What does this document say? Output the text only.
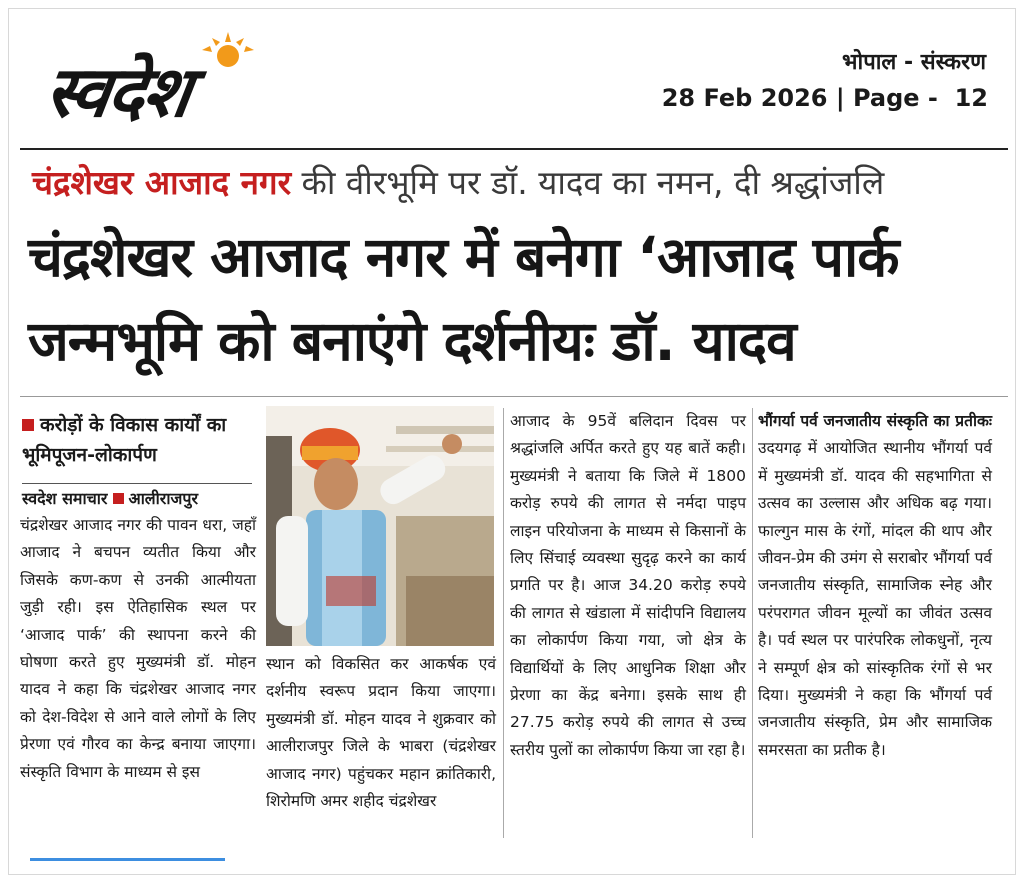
स्वदेश	भोपाल - संस्करण
28 Feb 2026 | Page -  12
चंद्रशेखर आजाद नगर की वीरभूमि पर डॉ. यादव का नमन, दी श्रद्धांजलि
चंद्रशेखर आजाद नगर में बनेगा ‘आजाद पार्क
जन्मभूमि को बनाएंगे दर्शनीयः डॉ. यादव
करोड़ों के विकास कार्यों का भूमिपूजन-लोकार्पण
स्वदेश समाचार आलीराजपुर
चंद्रशेखर आजाद नगर की पावन धरा, जहाँ आजाद ने बचपन व्यतीत किया और जिसके कण-कण से उनकी आत्मीयता जुड़ी रही। इस ऐतिहासिक स्थल पर ‘आजाद पार्क’ की स्थापना करने की घोषणा करते हुए मुख्यमंत्री डॉ. मोहन यादव ने कहा कि चंद्रशेखर आजाद नगर को देश-विदेश से आने वाले लोगों के लिए प्रेरणा एवं गौरव का केन्द्र बनाया जाएगा। संस्कृति विभाग के माध्यम से इस
स्थान को विकसित कर आकर्षक एवं दर्शनीय स्वरूप प्रदान किया जाएगा। मुख्यमंत्री डॉ. मोहन यादव ने शुक्रवार को आलीराजपुर जिले के भाबरा (चंद्रशेखर आजाद नगर) पहुंचकर महान क्रांतिकारी, शिरोमणि अमर शहीद चंद्रशेखर
आजाद के 95वें बलिदान दिवस पर श्रद्धांजलि अर्पित करते हुए यह बातें कही। मुख्यमंत्री ने बताया कि जिले में 1800 करोड़ रुपये की लागत से नर्मदा पाइप लाइन परियोजना के माध्यम से किसानों के लिए सिंचाई व्यवस्था सुदृढ़ करने का कार्य प्रगति पर है। आज 34.20 करोड़ रुपये की लागत से खंडाला में सांदीपनि विद्यालय का लोकार्पण किया गया, जो क्षेत्र के विद्यार्थियों के लिए आधुनिक शिक्षा और प्रेरणा का केंद्र बनेगा। इसके साथ ही 27.75 करोड़ रुपये की लागत से उच्च स्तरीय पुलों का लोकार्पण किया जा रहा है।
भौंगर्या पर्व जनजातीय संस्कृति का प्रतीकः उदयगढ़ में आयोजित स्थानीय भौंगर्या पर्व में मुख्यमंत्री डॉ. यादव की सहभागिता से उत्सव का उल्लास और अधिक बढ़ गया। फाल्गुन मास के रंगों, मांदल की थाप और जीवन-प्रेम की उमंग से सराबोर भौंगर्या पर्व जनजातीय संस्कृति, सामाजिक स्नेह और परंपरागत जीवन मूल्यों का जीवंत उत्सव है। पर्व स्थल पर पारंपरिक लोकधुनों, नृत्य ने सम्पूर्ण क्षेत्र को सांस्कृतिक रंगों से भर दिया। मुख्यमंत्री ने कहा कि भौंगर्या पर्व जनजातीय संस्कृति, प्रेम और सामाजिक समरसता का प्रतीक है।
